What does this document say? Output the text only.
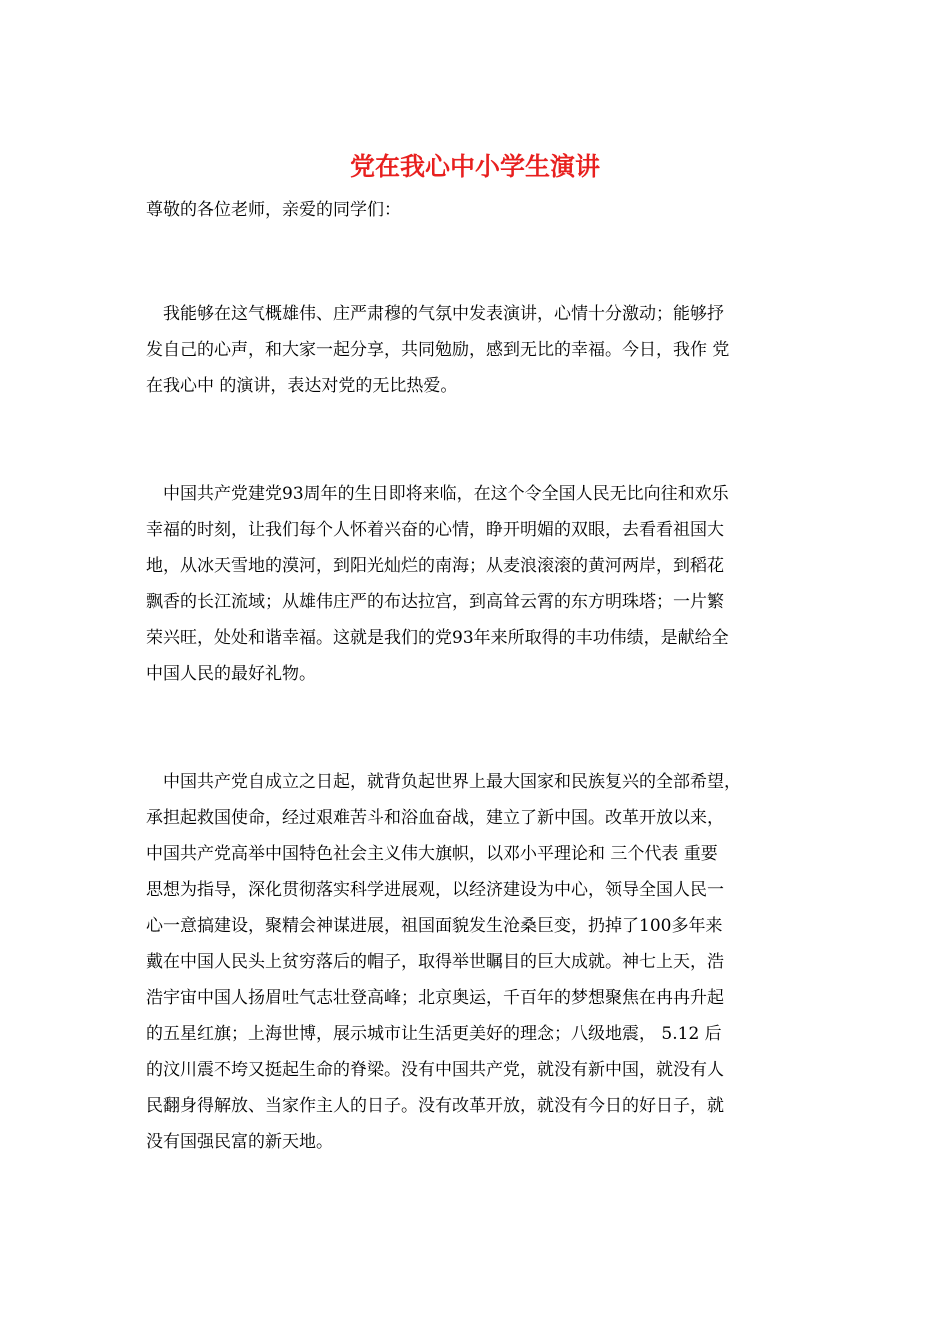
党在我心中小学生演讲

尊敬的各位老师，亲爱的同学们：

　我能够在这气概雄伟、庄严肃穆的气氛中发表演讲，心情十分激动；能够抒
发自己的心声，和大家一起分享，共同勉励，感到无比的幸福。今日，我作 党
在我心中 的演讲，表达对党的无比热爱。

　中国共产党建党93周年的生日即将来临，在这个令全国人民无比向往和欢乐
幸福的时刻，让我们每个人怀着兴奋的心情，睁开明媚的双眼，去看看祖国大
地，从冰天雪地的漠河，到阳光灿烂的南海；从麦浪滚滚的黄河两岸，到稻花
飘香的长江流域；从雄伟庄严的布达拉宫，到高耸云霄的东方明珠塔；一片繁
荣兴旺，处处和谐幸福。这就是我们的党93年来所取得的丰功伟绩，是献给全
中国人民的最好礼物。

　中国共产党自成立之日起，就背负起世界上最大国家和民族复兴的全部希望，
承担起救国使命，经过艰难苦斗和浴血奋战，建立了新中国。改革开放以来，
中国共产党高举中国特色社会主义伟大旗帜，以邓小平理论和 三个代表 重要
思想为指导，深化贯彻落实科学进展观，以经济建设为中心，领导全国人民一
心一意搞建设，聚精会神谋进展，祖国面貌发生沧桑巨变，扔掉了100多年来
戴在中国人民头上贫穷落后的帽子，取得举世瞩目的巨大成就。神七上天，浩
浩宇宙中国人扬眉吐气志壮登高峰；北京奥运，千百年的梦想聚焦在冉冉升起
的五星红旗；上海世博，展示城市让生活更美好的理念；八级地震， 5.12 后
的汶川震不垮又挺起生命的脊梁。没有中国共产党，就没有新中国，就没有人
民翻身得解放、当家作主人的日子。没有改革开放，就没有今日的好日子，就
没有国强民富的新天地。
